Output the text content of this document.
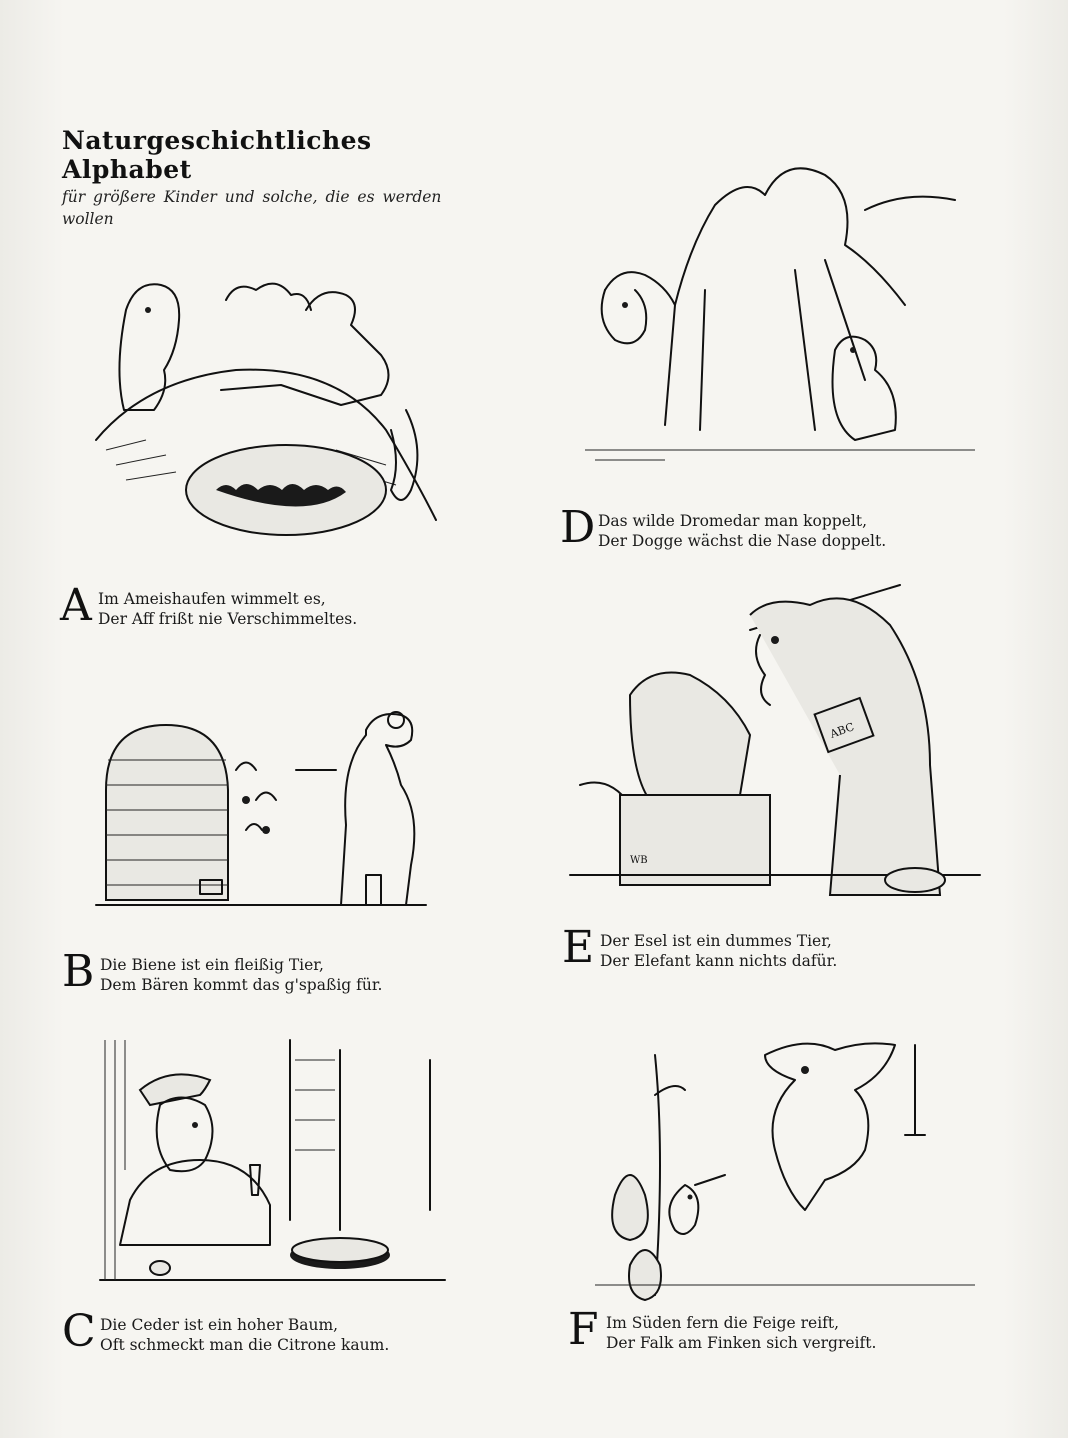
Naturgeschichtliches Alphabet
für größere Kinder und solche, die es werden wollen
ABC
WB
A Im Ameishaufen wimmelt es,
Der Aff frißt nie Verschimmeltes.
B Die Biene ist ein fleißig Tier,
Dem Bären kommt das g'spaßig für.
C Die Ceder ist ein hoher Baum,
Oft schmeckt man die Citrone kaum.
D Das wilde Dromedar man koppelt,
Der Dogge wächst die Nase doppelt.
E Der Esel ist ein dummes Tier,
Der Elefant kann nichts dafür.
F Im Süden fern die Feige reift,
Der Falk am Finken sich vergreift.
